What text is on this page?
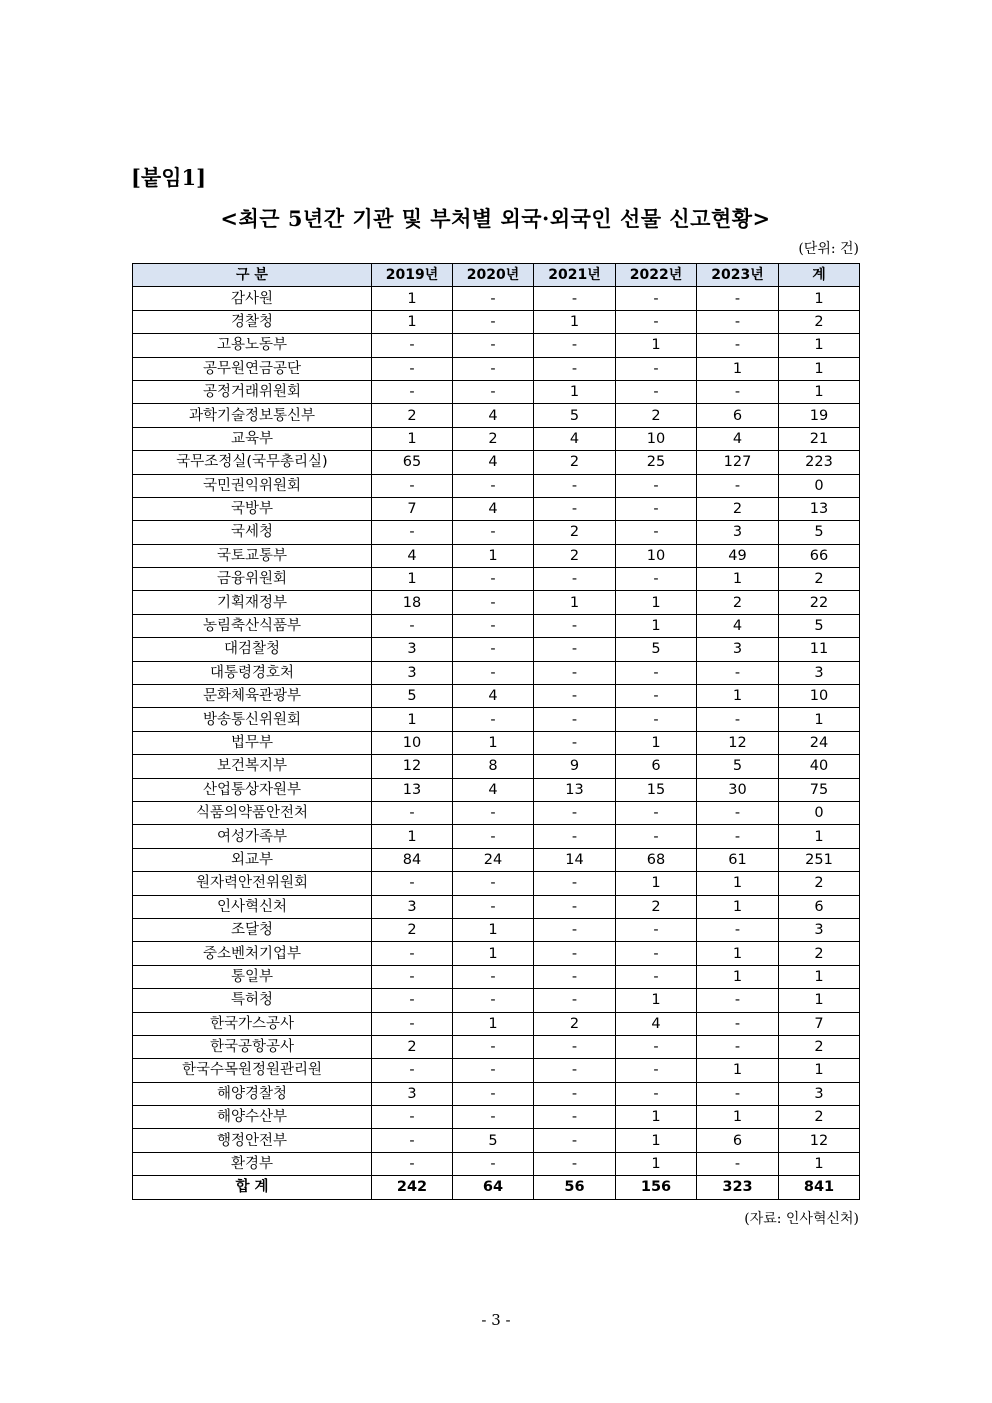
[붙임1]
<최근 5년간 기관 및 부처별 외국·외국인 선물 신고현황>
(단위: 건)
구 분	2019년	2020년	2021년	2022년	2023년	계
감사원	1	-	-	-	-	1
경찰청	1	-	1	-	-	2
고용노동부	-	-	-	1	-	1
공무원연금공단	-	-	-	-	1	1
공정거래위원회	-	-	1	-	-	1
과학기술정보통신부	2	4	5	2	6	19
교육부	1	2	4	10	4	21
국무조정실(국무총리실)	65	4	2	25	127	223
국민권익위원회	-	-	-	-	-	0
국방부	7	4	-	-	2	13
국세청	-	-	2	-	3	5
국토교통부	4	1	2	10	49	66
금융위원회	1	-	-	-	1	2
기획재정부	18	-	1	1	2	22
농림축산식품부	-	-	-	1	4	5
대검찰청	3	-	-	5	3	11
대통령경호처	3	-	-	-	-	3
문화체육관광부	5	4	-	-	1	10
방송통신위원회	1	-	-	-	-	1
법무부	10	1	-	1	12	24
보건복지부	12	8	9	6	5	40
산업통상자원부	13	4	13	15	30	75
식품의약품안전처	-	-	-	-	-	0
여성가족부	1	-	-	-	-	1
외교부	84	24	14	68	61	251
원자력안전위원회	-	-	-	1	1	2
인사혁신처	3	-	-	2	1	6
조달청	2	1	-	-	-	3
중소벤처기업부	-	1	-	-	1	2
통일부	-	-	-	-	1	1
특허청	-	-	-	1	-	1
한국가스공사	-	1	2	4	-	7
한국공항공사	2	-	-	-	-	2
한국수목원정원관리원	-	-	-	-	1	1
해양경찰청	3	-	-	-	-	3
해양수산부	-	-	-	1	1	2
행정안전부	-	5	-	1	6	12
환경부	-	-	-	1	-	1
합 계	242	64	56	156	323	841
(자료: 인사혁신처)
- 3 -
